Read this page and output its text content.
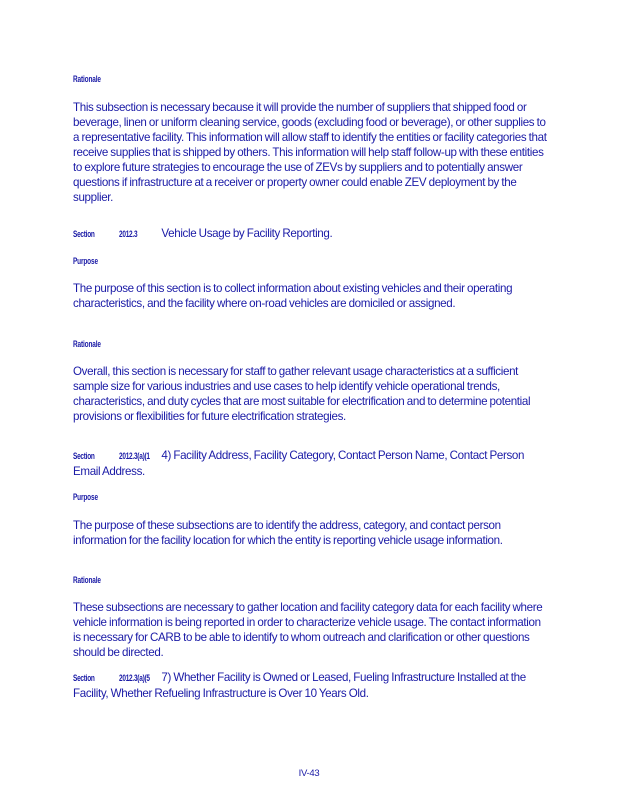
Rationale
This subsection is necessary because it will provide the number of suppliers that shipped food or beverage, linen or uniform cleaning service, goods (excluding food or beverage), or other supplies to a representative facility. This information will allow staff to identify the entities or facility categories that receive supplies that is shipped by others. This information will help staff follow-up with these entities to explore future strategies to encourage the use of ZEVs by suppliers and to potentially answer questions if infrastructure at a receiver or property owner could enable ZEV deployment by the supplier.
Section	2012.3 Vehicle Usage by Facility Reporting.
Purpose
The purpose of this section is to collect information about existing vehicles and their operating characteristics, and the facility where on-road vehicles are domiciled or assigned.
Rationale
Overall, this section is necessary for staff to gather relevant usage characteristics at a sufficient sample size for various industries and use cases to help identify vehicle operational trends, characteristics, and duty cycles that are most suitable for electrification and to determine potential provisions or flexibilities for future electrification strategies.
Section	2012.3(a)(1 4) Facility Address, Facility Category, Contact Person Name, Contact Person Email Address.
Purpose
The purpose of these subsections are to identify the address, category, and contact person information for the facility location for which the entity is reporting vehicle usage information.
Rationale
These subsections are necessary to gather location and facility category data for each facility where vehicle information is being reported in order to characterize vehicle usage. The contact information is necessary for CARB to be able to identify to whom outreach and clarification or other questions should be directed.
Section	2012.3(a)(5 7) Whether Facility is Owned or Leased, Fueling Infrastructure Installed at the Facility, Whether Refueling Infrastructure is Over 10 Years Old.
IV-43
